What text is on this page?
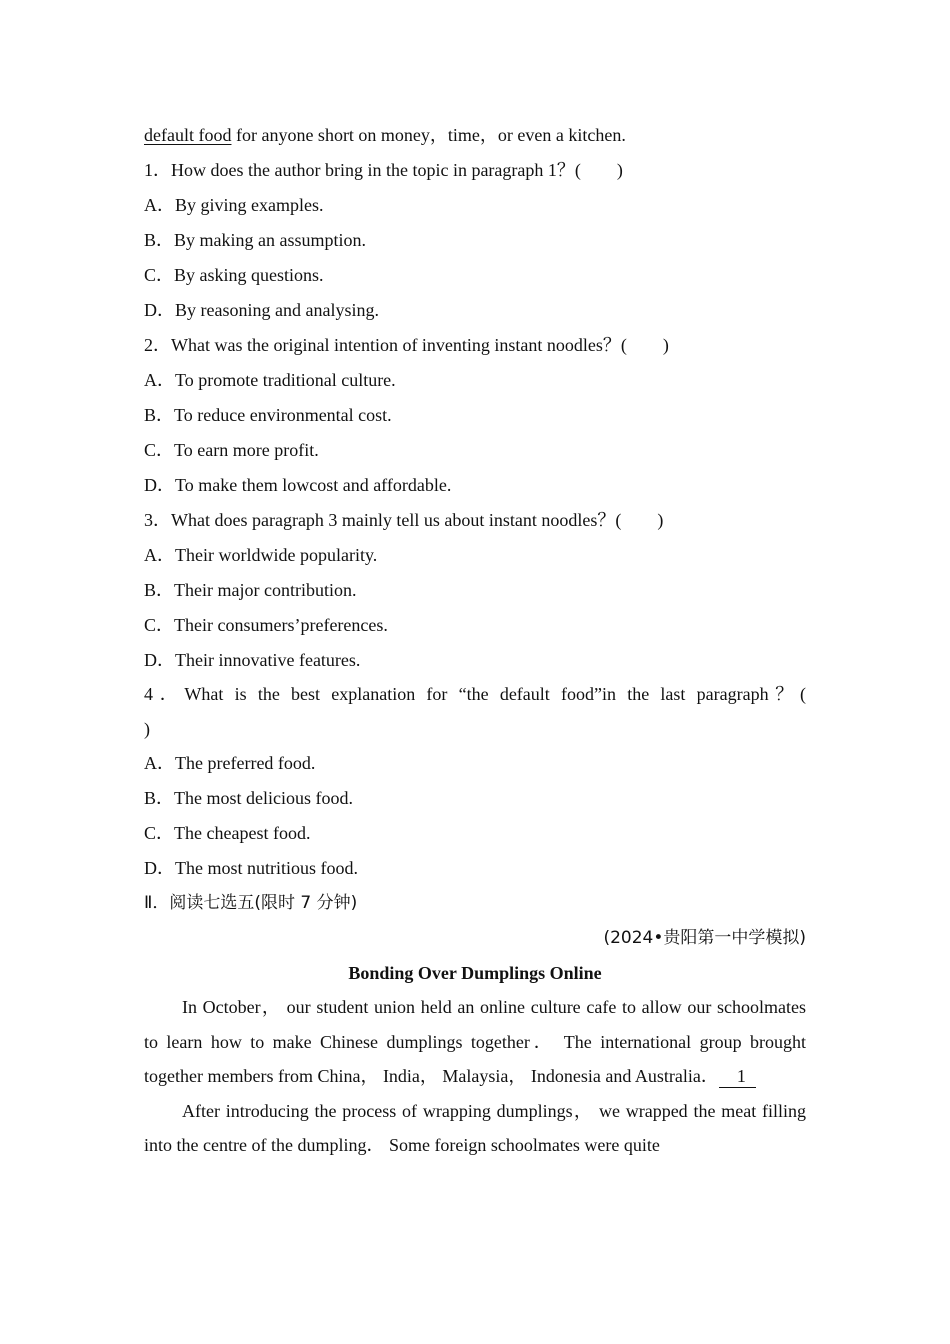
default food for anyone short on money，time，or even a kitchen.
1．How does the author bring in the topic in paragraph 1？(　　)
A．By giving examples.
B．By making an assumption.
C．By asking questions.
D．By reasoning and analysing.
2．What was the original intention of inventing instant noodles？(　　)
A．To promote traditional culture.
B．To reduce environmental cost.
C．To earn more profit.
D．To make them lowcost and affordable.
3．What does paragraph 3 mainly tell us about instant noodles？(　　)
A．Their worldwide popularity.
B．Their major contribution.
C．Their consumers’preferences.
D．Their innovative features.
4．What is the best explanation for “the default food”in the last paragraph？(
)
A．The preferred food.
B．The most delicious food.
C．The cheapest food.
D．The most nutritious food.
Ⅱ．阅读七选五(限时 7 分钟)
(2024•贵阳第一中学模拟)
Bonding Over Dumplings Online

In October， our student union held an online culture cafe to allow our schoolmates to learn how to make Chinese dumplings together． The international group brought together members from China， India， Malaysia， Indonesia and Australia． 1

After introducing the process of wrapping dumplings， we wrapped the meat filling into the centre of the dumpling． Some foreign schoolmates were quite
